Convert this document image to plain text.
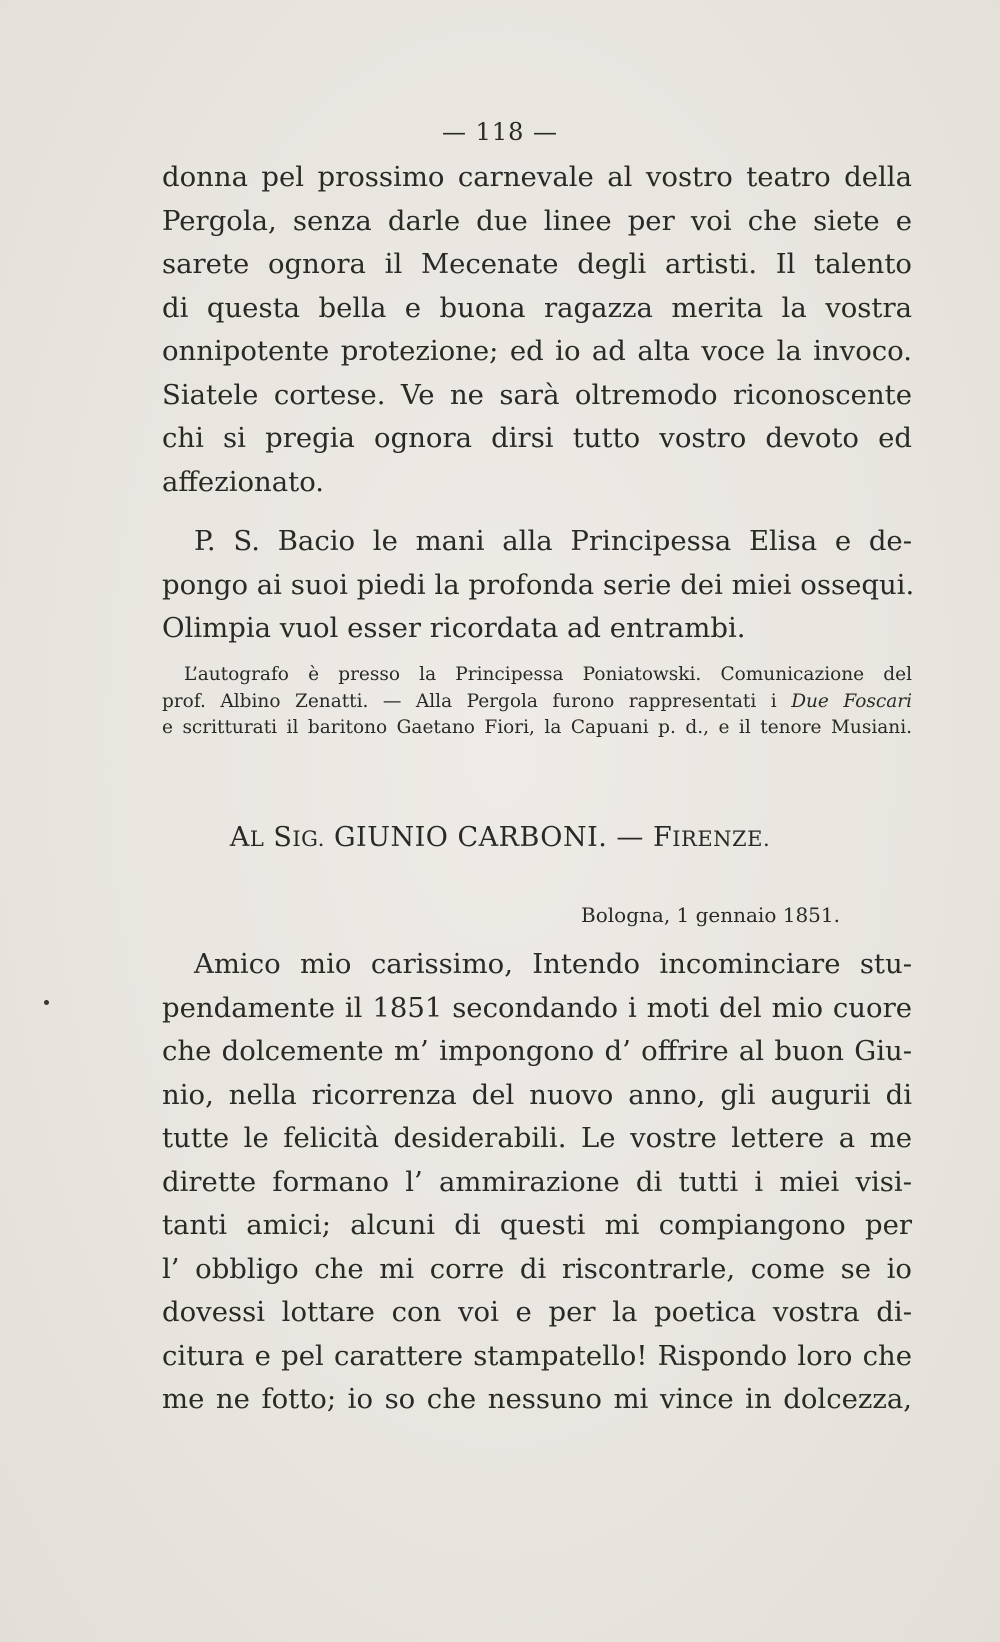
— 118 —
donna pel prossimo carnevale al vostro teatro della
Pergola, senza darle due linee per voi che siete e
sarete ognora il Mecenate degli artisti. Il talento
di questa bella e buona ragazza merita la vostra
onnipotente protezione; ed io ad alta voce la invoco.
Siatele cortese. Ve ne sarà oltremodo riconoscente
chi si pregia ognora dirsi tutto vostro devoto ed
affezionato.
P. S. Bacio le mani alla Principessa Elisa e de-
pongo ai suoi piedi la profonda serie dei miei ossequi.
Olimpia vuol esser ricordata ad entrambi.
L’autografo è presso la Principessa Poniatowski. Comunicazione del
prof. Albino Zenatti. — Alla Pergola furono rappresentati i Due Foscari
e scritturati il baritono Gaetano Fiori, la Capuani p. d., e il tenore Musiani.
AL SIG. GIUNIO CARBONI. — FIRENZE.
Bologna, 1 gennaio 1851.
Amico mio carissimo, Intendo incominciare stu-
pendamente il 1851 secondando i moti del mio cuore
che dolcemente m’ impongono d’ offrire al buon Giu-
nio, nella ricorrenza del nuovo anno, gli augurii di
tutte le felicità desiderabili. Le vostre lettere a me
dirette formano l’ ammirazione di tutti i miei visi-
tanti amici; alcuni di questi mi compiangono per
l’ obbligo che mi corre di riscontrarle, come se io
dovessi lottare con voi e per la poetica vostra di-
citura e pel carattere stampatello! Rispondo loro che
me ne fotto; io so che nessuno mi vince in dolcezza,
